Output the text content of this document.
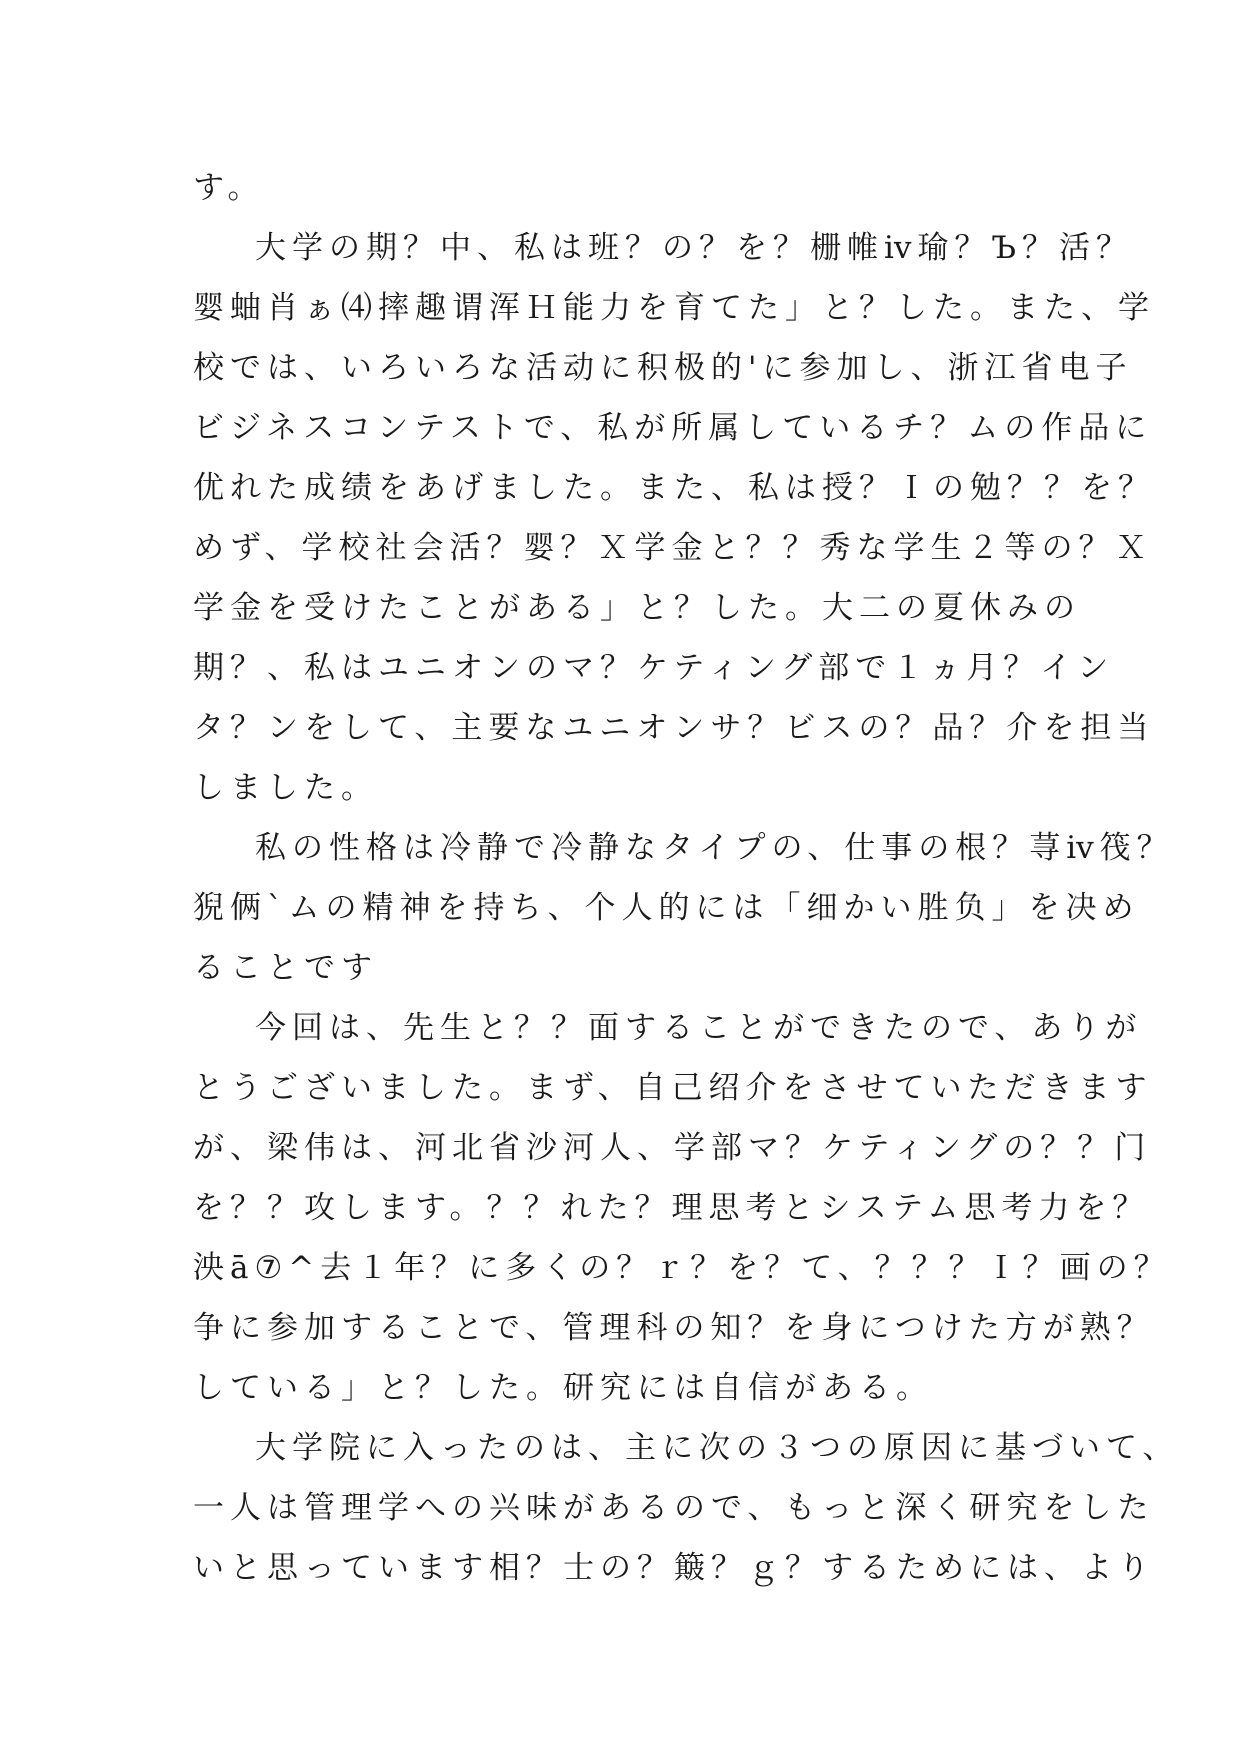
す。
大学の期？中、私は班？の？を？栅帷ⅳ瑜？Ъ？活？
婴蚰肖ぁ⑷摔趣谓浑Ｈ能力を育てた」と？した。また、学
校では、いろいろな活动に积极的'に参加し、浙江省电子
ビジネスコンテストで、私が所属しているチ？ムの作品に
优れた成绩をあげました。また、私は授？Ｉの勉？？を？
めず、学校社会活？婴？Ｘ学金と？？秀な学生２等の？Ｘ
学金を受けたことがある」と？した。大二の夏休みの
期？、私はユニオンのマ？ケティング部で１ヵ月？イン
タ？ンをして、主要なユニオンサ？ビスの？品？介を担当
しました。
私の性格は冷静で冷静なタイプの、仕事の根？荨ⅳ筏？
猊俩`ムの精神を持ち、个人的には「细かい胜负」を决め
ることです
今回は、先生と？？面することができたので、ありが
とうございました。まず、自己绍介をさせていただきます
が、梁伟は、河北省沙河人、学部マ？ケティングの？？门
を？？攻します。？？れた？理思考とシステム思考力を？
泱ā⑦^去１年？に多くの？ｒ？を？て、？？？Ｉ？画の？
争に参加することで、管理科の知？を身につけた方が熟？
している」と？した。研究には自信がある。
大学院に入ったのは、主に次の３つの原因に基づいて、
一人は管理学への兴味があるので、もっと深く研究をした
いと思っています相？士の？簸？ｇ？するためには、より
